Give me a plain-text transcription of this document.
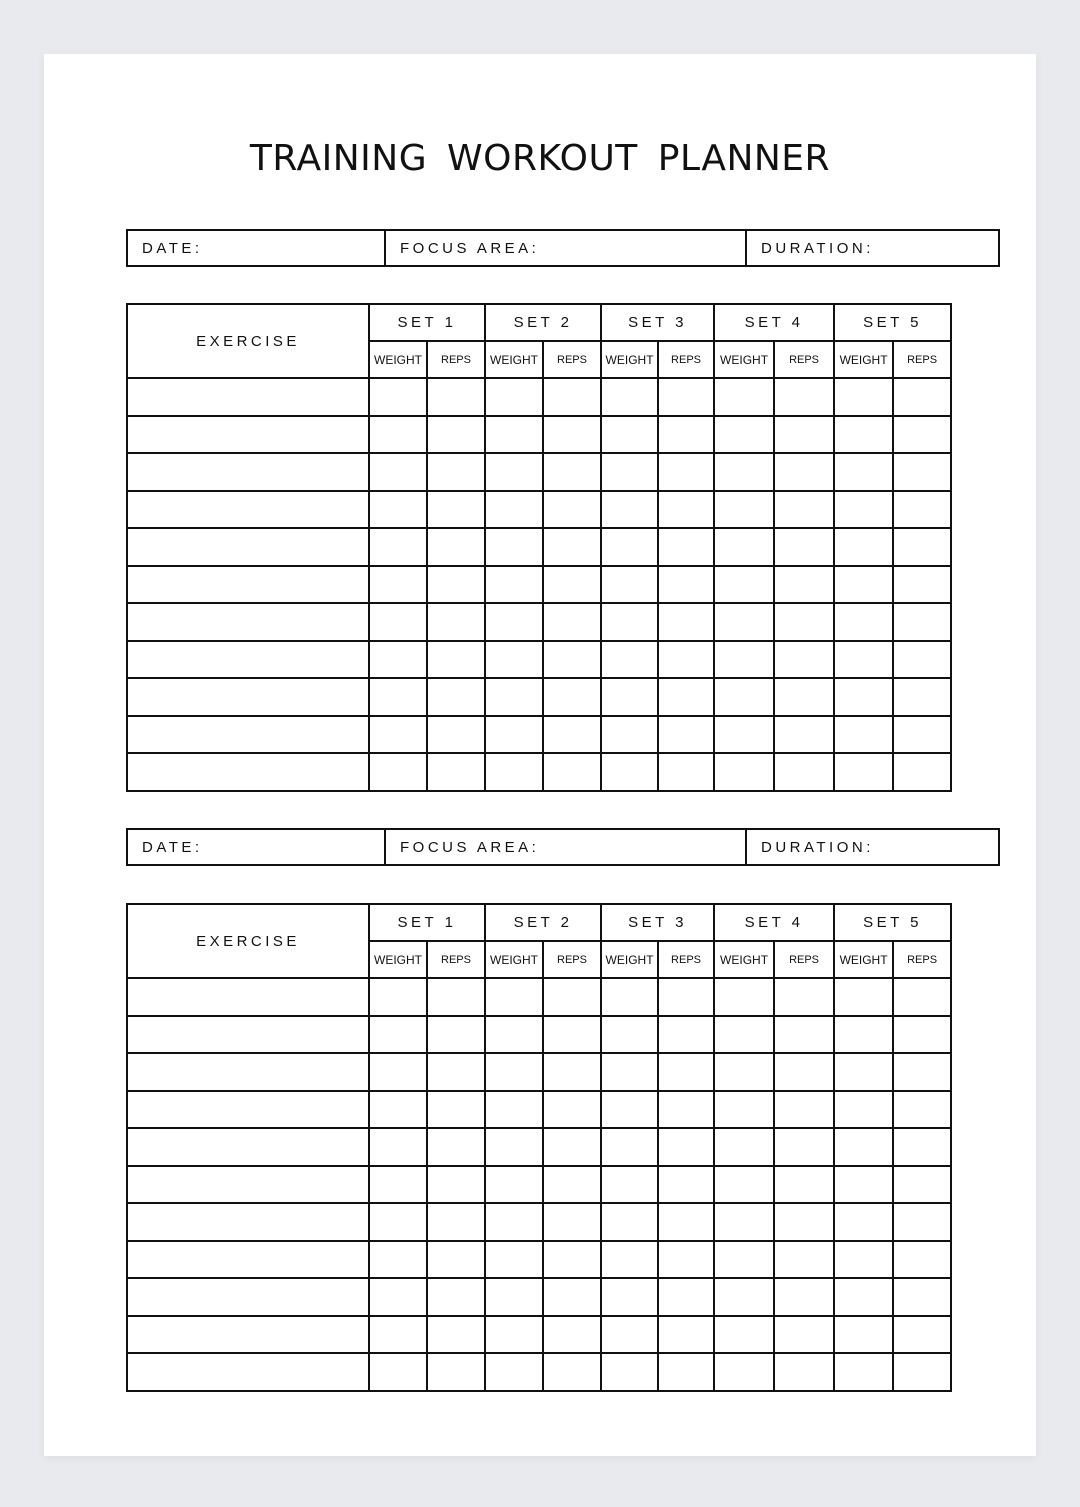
TRAINING WORKOUT PLANNER
DATE:	FOCUS AREA:	DURATION:
EXERCISE	SET 1		SET 2		SET 3		SET 4		SET 5	
	WEIGHT	REPS	WEIGHT	REPS	WEIGHT	REPS	WEIGHT	REPS	WEIGHT	REPS

DATE:	FOCUS AREA:	DURATION:
EXERCISE	SET 1		SET 2		SET 3		SET 4		SET 5	
	WEIGHT	REPS	WEIGHT	REPS	WEIGHT	REPS	WEIGHT	REPS	WEIGHT	REPS
